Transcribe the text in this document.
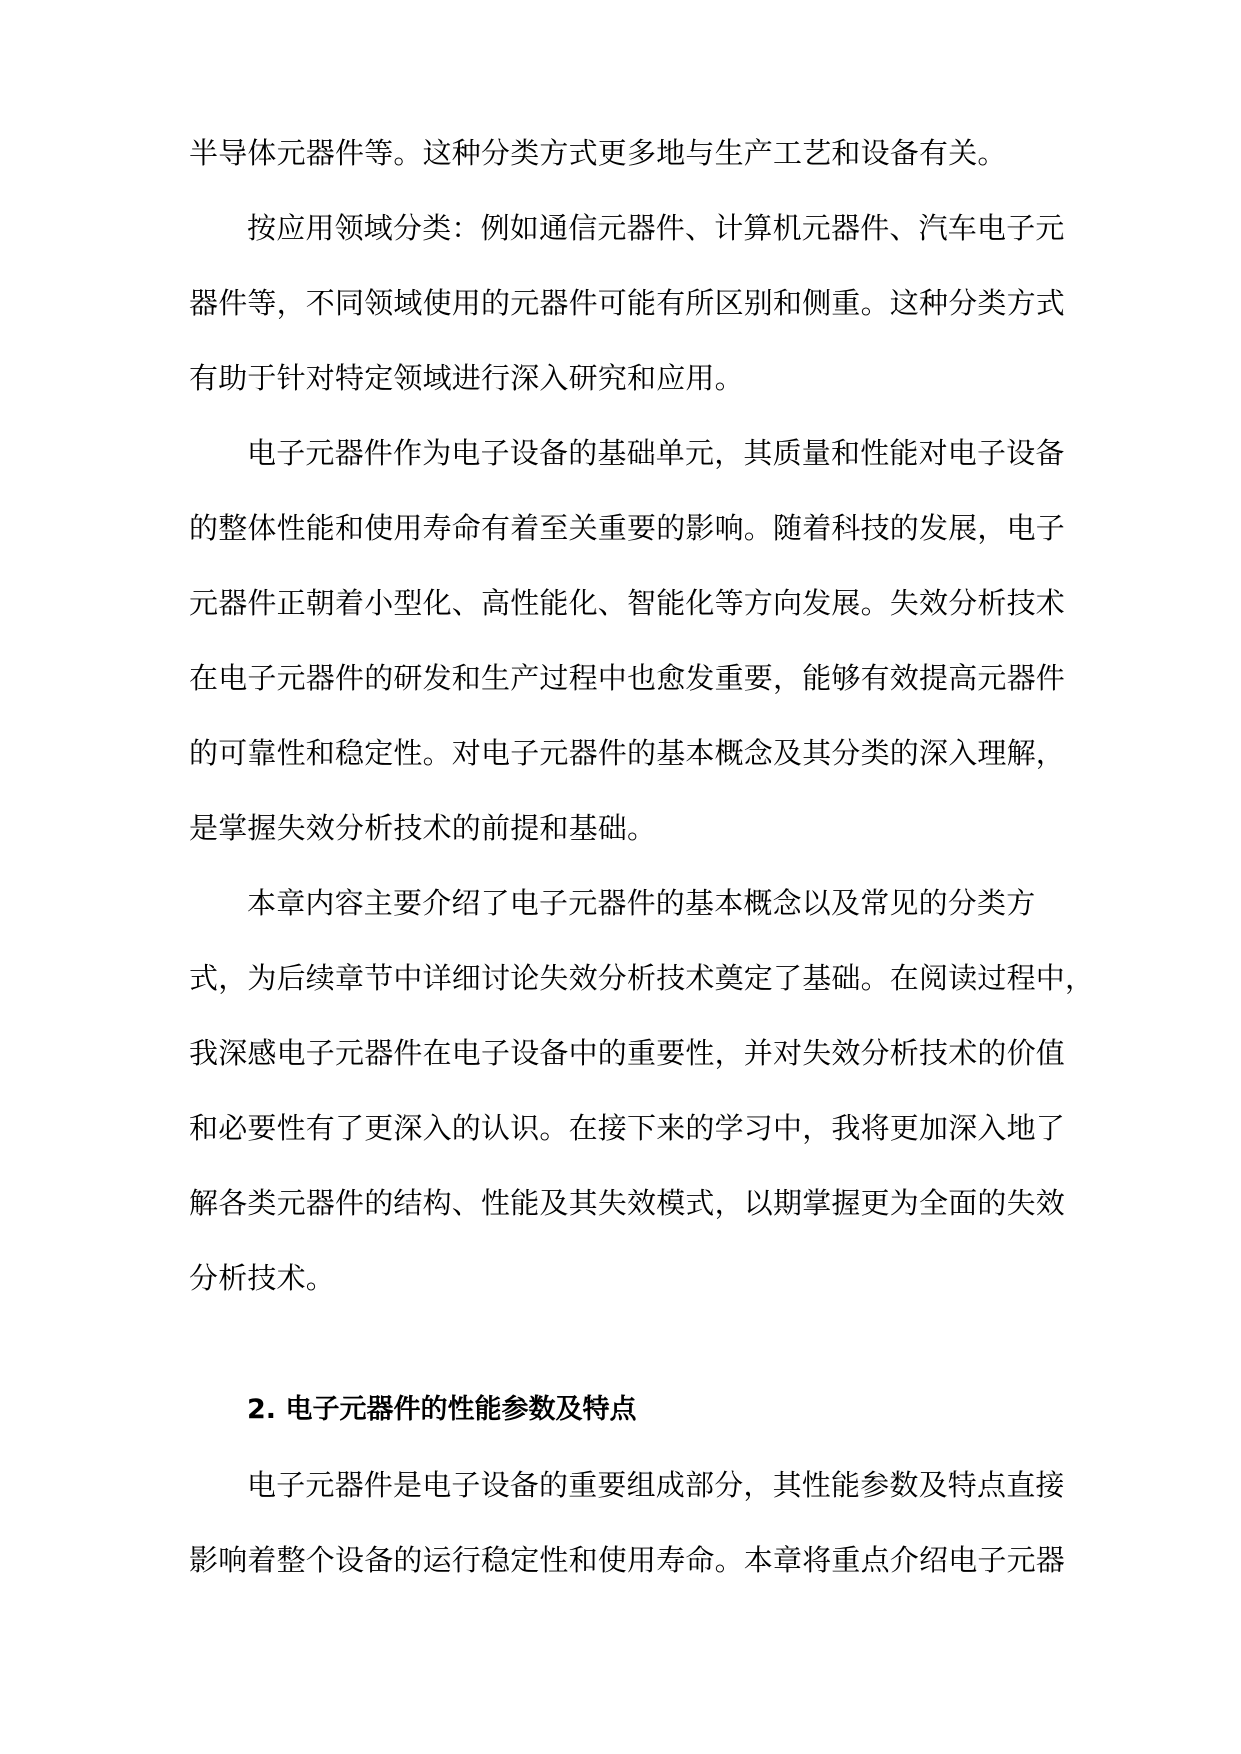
半导体元器件等。这种分类方式更多地与生产工艺和设备有关。
按应用领域分类：例如通信元器件、计算机元器件、汽车电子元
器件等，不同领域使用的元器件可能有所区别和侧重。这种分类方式
有助于针对特定领域进行深入研究和应用。
电子元器件作为电子设备的基础单元，其质量和性能对电子设备
的整体性能和使用寿命有着至关重要的影响。随着科技的发展，电子
元器件正朝着小型化、高性能化、智能化等方向发展。失效分析技术
在电子元器件的研发和生产过程中也愈发重要，能够有效提高元器件
的可靠性和稳定性。对电子元器件的基本概念及其分类的深入理解，
是掌握失效分析技术的前提和基础。
本章内容主要介绍了电子元器件的基本概念以及常见的分类方
式，为后续章节中详细讨论失效分析技术奠定了基础。在阅读过程中，
我深感电子元器件在电子设备中的重要性，并对失效分析技术的价值
和必要性有了更深入的认识。在接下来的学习中，我将更加深入地了
解各类元器件的结构、性能及其失效模式，以期掌握更为全面的失效
分析技术。
2. 电子元器件的性能参数及特点
电子元器件是电子设备的重要组成部分，其性能参数及特点直接
影响着整个设备的运行稳定性和使用寿命。本章将重点介绍电子元器
